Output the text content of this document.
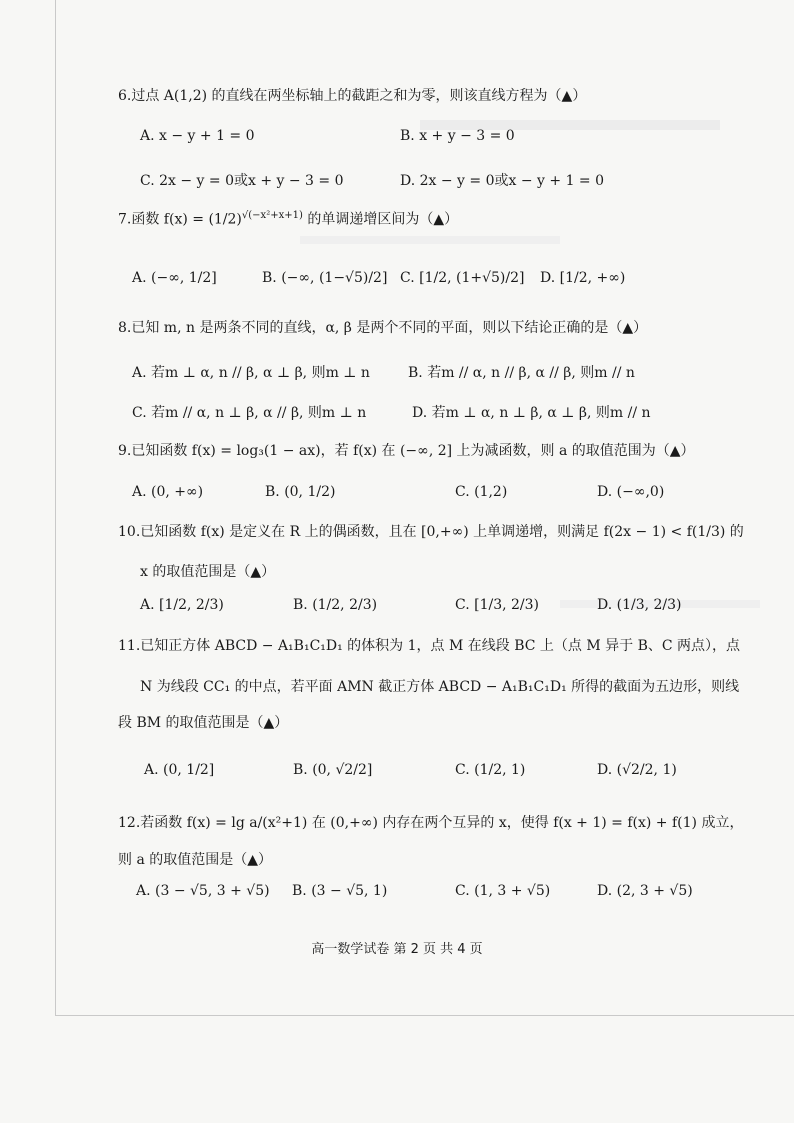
6.过点 A(1,2) 的直线在两坐标轴上的截距之和为零，则该直线方程为（▲）
A. x − y + 1 = 0	B. x + y − 3 = 0
C. 2x − y = 0或x + y − 3 = 0	D. 2x − y = 0或x − y + 1 = 0
7.函数 $f(x) = (1/2)^{√(-x^2+x+1)}$ 的单调递增区间为（▲）
A. (−∞, 1/2]	B. (−∞, (1−√5)/2] C. [1/2, (1+√5)/2] D. [1/2, +∞)
8.已知 m, n 是两条不同的直线，α, β 是两个不同的平面，则以下结论正确的是（▲）
A. 若m ⊥ α, n // β, α ⊥ β, 则m ⊥ n	B. 若m // α, n // β, α // β, 则m // n
C. 若m // α, n ⊥ β, α // β, 则m ⊥ n	D. 若m ⊥ α, n ⊥ β, α ⊥ β, 则m // n
9.已知函数 f(x) = log₃(1 − ax)，若 f(x) 在 (−∞, 2] 上为减函数，则 a 的取值范围为（▲）
A. (0, +∞)	B. (0, 1/2)	C. (1,2)	D. (−∞,0)
10.已知函数 f(x) 是定义在 R 上的偶函数，且在 [0,+∞) 上单调递增，则满足 f(2x − 1) < f(1/3) 的
x 的取值范围是（▲）
A. [1/2, 2/3)	B. (1/2, 2/3)	C. [1/3, 2/3)	D. (1/3, 2/3)
11.已知正方体 ABCD − A₁B₁C₁D₁ 的体积为 1，点 M 在线段 BC 上（点 M 异于 B、C 两点），点
N 为线段 CC₁ 的中点，若平面 AMN 截正方体 ABCD − A₁B₁C₁D₁ 所得的截面为五边形，则线
段 BM 的取值范围是（▲）
A. (0, 1/2]	B. (0, √2/2]	C. (1/2, 1)	D. (√2/2, 1)
12.若函数 f(x) = lg a/(x²+1) 在 (0,+∞) 内存在两个互异的 x，使得 f(x + 1) = f(x) + f(1) 成立，
则 a 的取值范围是（▲）
A. (3 − √5, 3 + √5) B. (3 − √5, 1)	C. (1, 3 + √5)	D. (2, 3 + √5)
高一数学试卷 第 2 页 共 4 页
